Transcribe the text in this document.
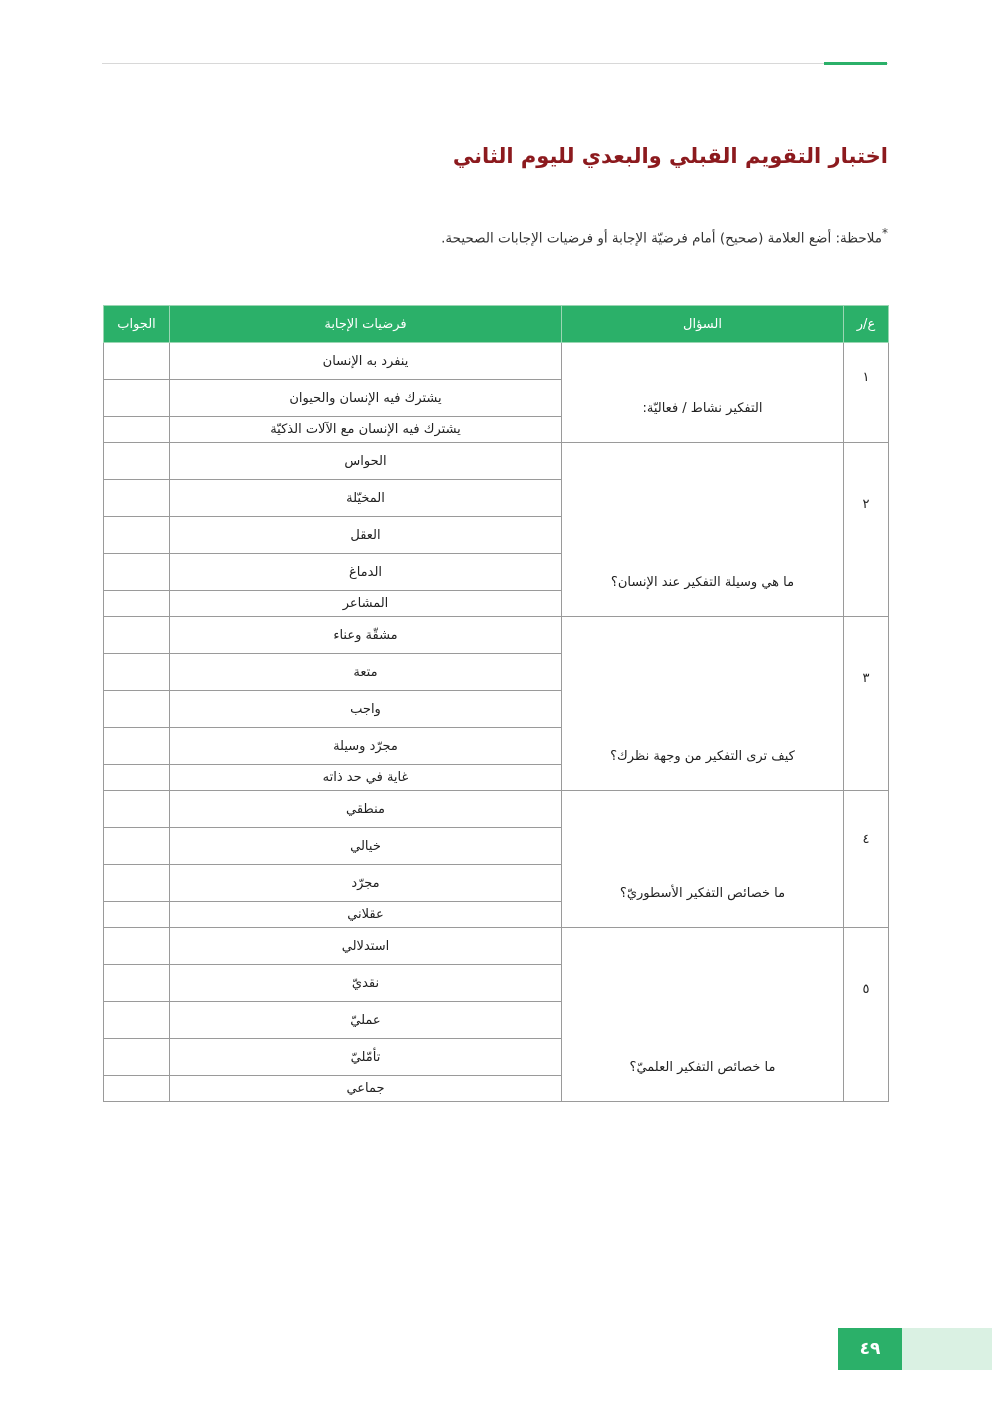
اختبار التقويم القبلي والبعدي لليوم الثاني
*ملاحظة: أضع العلامة (صحيح) أمام فرضيّة الإجابة أو فرضيات الإجابات الصحيحة.
ع/ر	السؤال	فرضيات الإجابة	الجواب
١	التفكير نشاط / فعاليّة:	ينفرد به الإنسان	
		يشترك فيه الإنسان والحيوان	
		يشترك فيه الإنسان مع الآلات الذكيّة	
٢	ما هي وسيلة التفكير عند الإنسان؟	الحواس	
		المخيّلة	
		العقل	
		الدماغ	
		المشاعر	
٣	كيف ترى التفكير من وجهة نظرك؟	مشقّة وعناء	
		متعة	
		واجب	
		مجرّد وسيلة	
		غاية في حد ذاته	
٤	ما خصائص التفكير الأسطوريّ؟	منطقي	
		خيالي	
		مجرّد	
		عقلاني	
٥	ما خصائص التفكير العلميّ؟	استدلالي	
		نقديّ	
		عمليّ	
		تأمّليّ	
		جماعي	
٤٩
